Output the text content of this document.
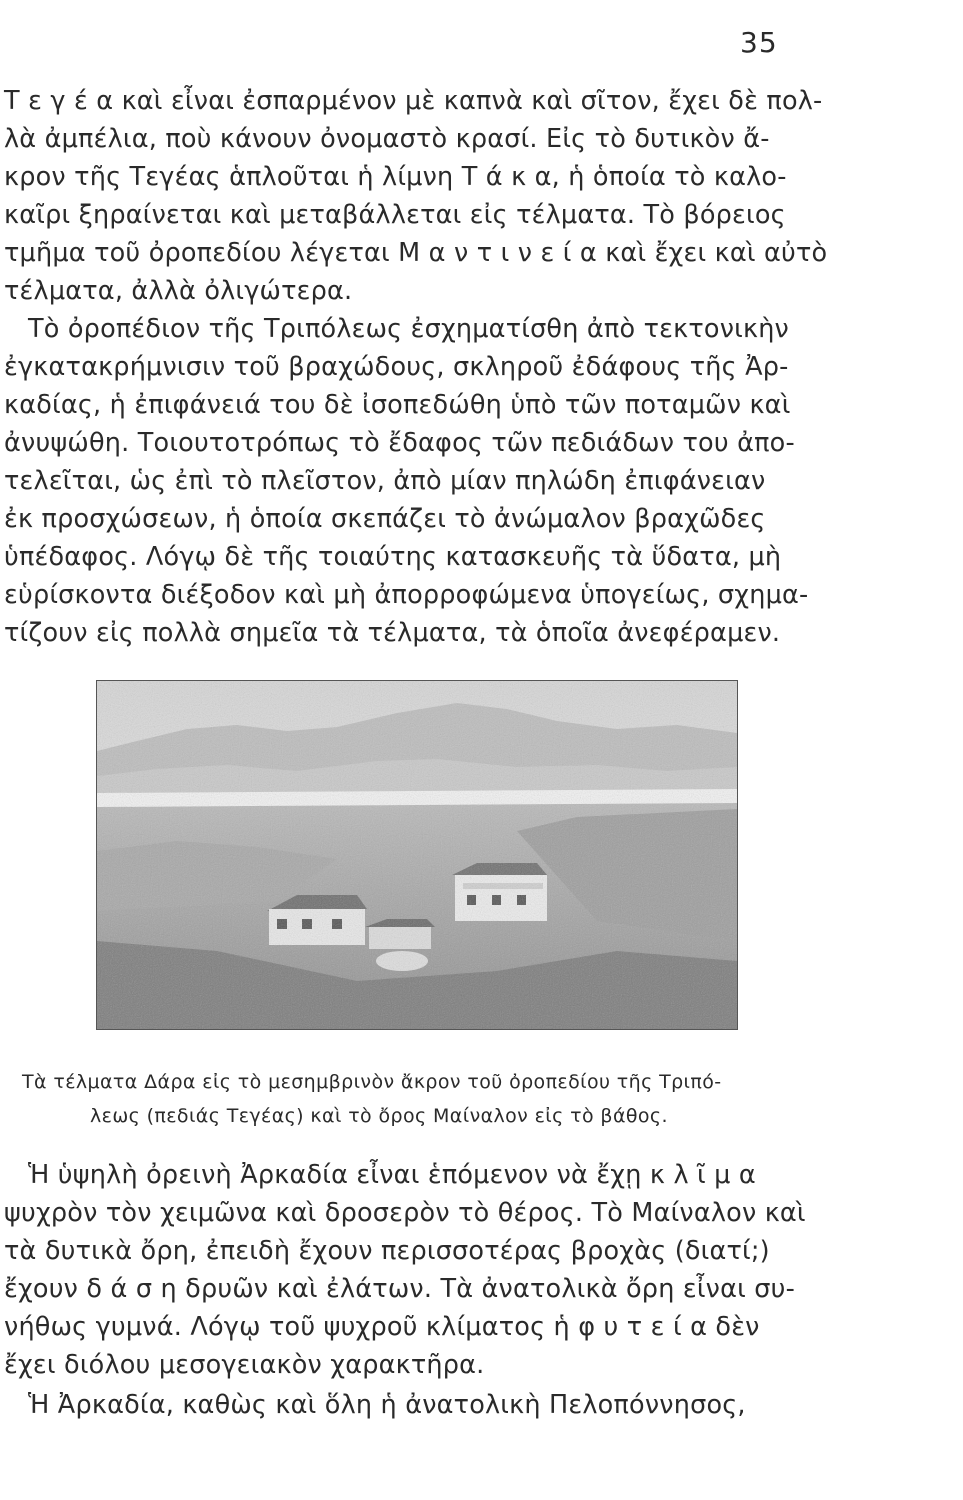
35
Τ ε γ έ α καὶ εἶναι ἐσπαρμένον μὲ καπνὰ καὶ σῖτον, ἔχει δὲ πολ-
λὰ ἀμπέλια, ποὺ κάνουν ὀνομαστὸ κρασί. Εἰς τὸ δυτικὸν ἄ-
κρον τῆς Τεγέας ἁπλοῦται ἡ λίμνη Τ ά κ α, ἡ ὁποία τὸ καλο-
καῖρι ξηραίνεται καὶ μεταβάλλεται εἰς τέλματα. Τὸ βόρειος
τμῆμα τοῦ ὀροπεδίου λέγεται Μ α ν τ ι ν ε ί α καὶ ἔχει καὶ αὐτὸ
τέλματα, ἀλλὰ ὀλιγώτερα.
Τὸ ὀροπέδιον τῆς Τριπόλεως ἐσχηματίσθη ἀπὸ τεκτονικὴν
ἐγκατακρήμνισιν τοῦ βραχώδους, σκληροῦ ἐδάφους τῆς Ἀρ-
καδίας, ἡ ἐπιφάνειά του δὲ ἰσοπεδώθη ὑπὸ τῶν ποταμῶν καὶ
ἀνυψώθη. Τοιουτοτρόπως τὸ ἔδαφος τῶν πεδιάδων του ἀπο-
τελεῖται, ὡς ἐπὶ τὸ πλεῖστον, ἀπὸ μίαν πηλώδη ἐπιφάνειαν
ἐκ προσχώσεων, ἡ ὁποία σκεπάζει τὸ ἀνώμαλον βραχῶδες
ὑπέδαφος. Λόγῳ δὲ τῆς τοιαύτης κατασκευῆς τὰ ὕδατα, μὴ
εὑρίσκοντα διέξοδον καὶ μὴ ἀπορροφώμενα ὑπογείως, σχημα-
τίζουν εἰς πολλὰ σημεῖα τὰ τέλματα, τὰ ὁποῖα ἀνεφέραμεν.
Τὰ τέλματα Δάρα εἰς τὸ μεσημβρινὸν ἄκρον τοῦ ὀροπεδίου τῆς Τριπό-
λεως (πεδιάς Τεγέας) καὶ τὸ ὄρος Μαίναλον εἰς τὸ βάθος.
Ἡ ὑψηλὴ ὀρεινὴ Ἀρκαδία εἶναι ἑπόμενον νὰ ἔχῃ κ λ ῖ μ α
ψυχρὸν τὸν χειμῶνα καὶ δροσερὸν τὸ θέρος. Τὸ Μαίναλον καὶ
τὰ δυτικὰ ὄρη, ἐπειδὴ ἔχουν περισσοτέρας βροχὰς (διατί;)
ἔχουν δ ά σ η δρυῶν καὶ ἐλάτων. Τὰ ἀνατολικὰ ὄρη εἶναι συ-
νήθως γυμνά. Λόγῳ τοῦ ψυχροῦ κλίματος ἡ φ υ τ ε ί α δὲν
ἔχει διόλου μεσογειακὸν χαρακτῆρα.
Ἡ Ἀρκαδία, καθὼς καὶ ὅλη ἡ ἀνατολικὴ Πελοπόννησος,
